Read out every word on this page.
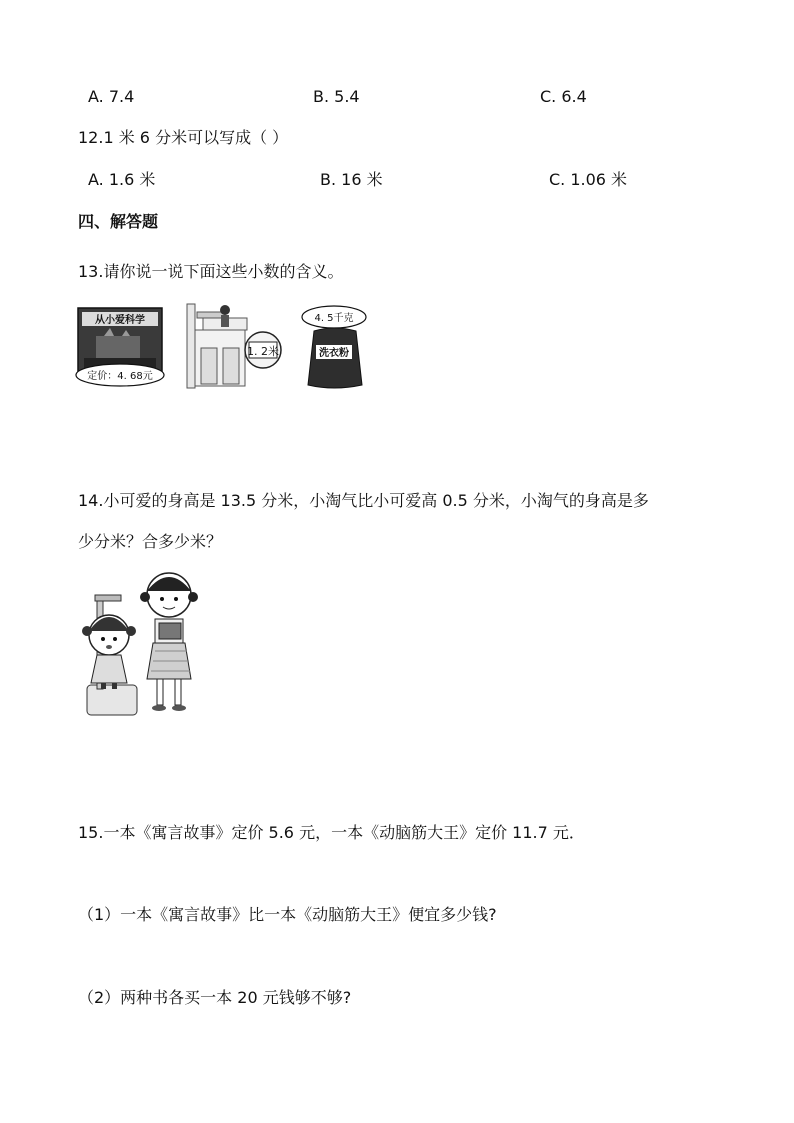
A. 7.4	B. 5.4	C. 6.4
12.1 米 6 分米可以写成（ ）
A. 1.6 米	B. 16 米	C. 1.06 米
四、解答题
13.请你说一说下面这些小数的含义。
从小爱科学
定价：4. 68元
1. 2米
4. 5千克
洗衣粉
14.小可爱的身高是 13.5 分米，小淘气比小可爱高 0.5 分米，小淘气的身高是多
少分米？合多少米？
15.一本《寓言故事》定价 5.6 元，一本《动脑筋大王》定价 11.7 元．
（1）一本《寓言故事》比一本《动脑筋大王》便宜多少钱?
（2）两种书各买一本 20 元钱够不够?
